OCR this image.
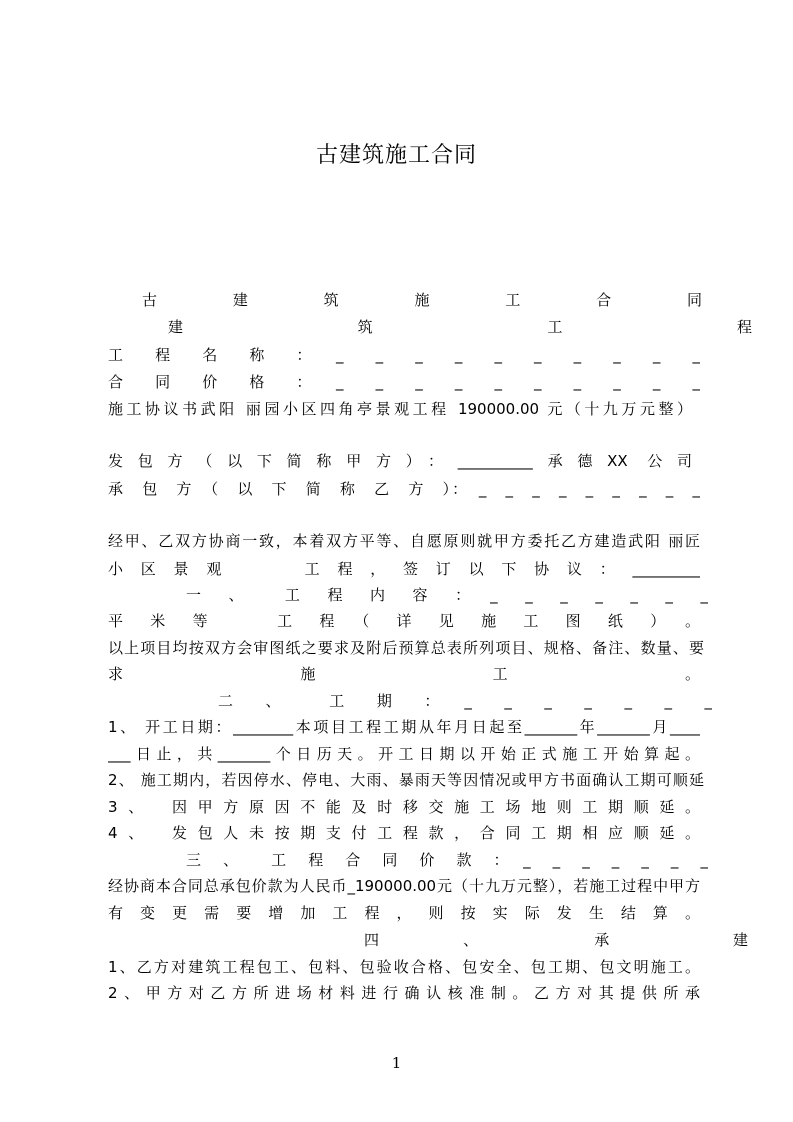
古建筑施工合同
古　建　筑　施　工　合　同
建　　　筑　　　工　　　程
工　程　名　称　：　_　_　_　_　_　_　_　_　_　_
合　同　价　格　：　_　_　_　_　_　_　_　_　_　_
施工协议书武阳 丽园小区四角亭景观工程 190000.00 元（十九万元整）
发包方（以下简称甲方）：__________承德XX 公司
承　包　方　（　以　下　简　称　乙　方　）：　_　_　_　_　_　_　_　_　_
经甲、乙双方协商一致，本着双方平等、自愿原则就甲方委托乙方建造武阳 丽匠
小区景观　　工程，签订以下协议：_________
一　、　　工　程　内　容　：　_　_　_　_　_　_　_
平　米　等　　　工　程　（　详　见　施　工　图　纸　）　。
以上项目均按双方会审图纸之要求及附后预算总表所列项目、规格、备注、数量、要
求　　　　　　施　　　　　　工　　　　　　。
二　、　　工　期　：　_　_　_　_　_　_　_
1、 开工日期：________本项目工程工期从年月日起至_______年_______月____
___日止，共_______个日历天。开工日期以开始正式施工开始算起。
2、 施工期内，若因停水、停电、大雨、暴雨天等因情况或甲方书面确认工期可顺延
3、　因甲方原因不能及时移交施工场地则工期顺延。
4、　发包人未按期支付工程款，合同工期相应顺延。
三　、　　工　程　合　同　价　款　：　_　_　_　_　_　_　_
经协商本合同总承包价款为人民币_190000.00元（十九万元整），若施工过程中甲方
有变更需要增加工程，则按实际发生结算。
四　　　　、　　　　　　承　　　　　　建
1、乙方对建筑工程包工、包料、包验收合格、包安全、包工期、包文明施工。
2、甲方对乙方所进场材料进行确认核准制。乙方对其提供所承
1
